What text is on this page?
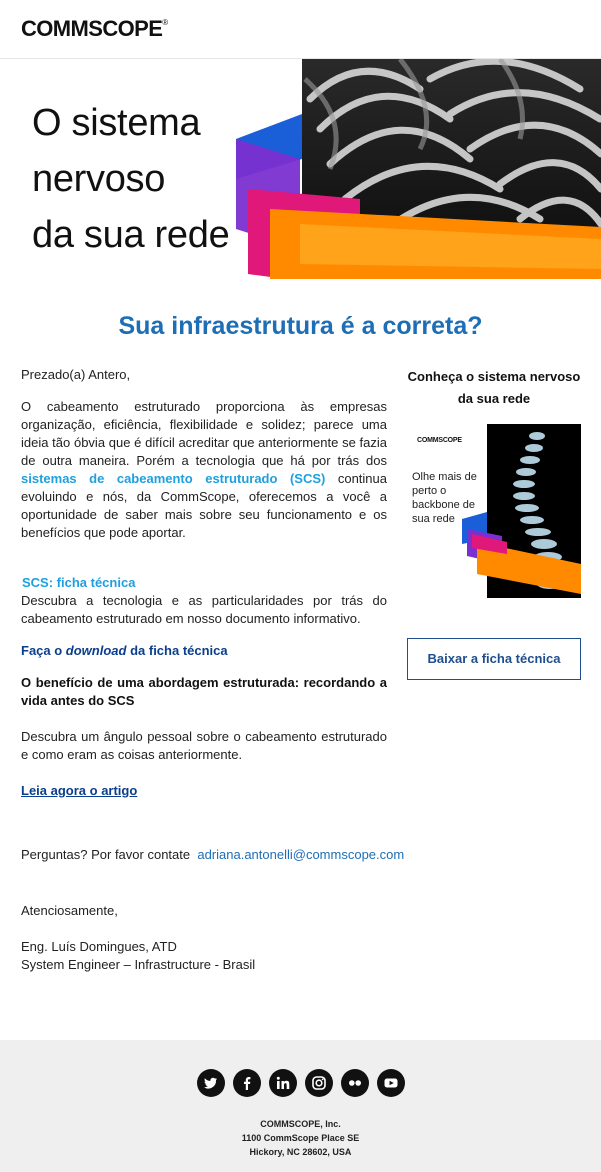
COMMSCOPE®
O sistema
nervoso
da sua rede
Sua infraestrutura é a correta?
Prezado(a) Antero,
O cabeamento estruturado proporciona às empresas organização, eficiência, flexibilidade e solidez; parece uma ideia tão óbvia que é difícil acreditar que anteriormente se fazia de outra maneira. Porém a tecnologia que há por trás dos sistemas de cabeamento estruturado (SCS) continua evoluindo e nós, da CommScope, oferecemos a você a oportunidade de saber mais sobre seu funcionamento e os benefícios que pode aportar.
SCS: ficha técnica
Descubra a tecnologia e as particularidades por trás do cabeamento estruturado em nosso documento informativo.
Faça o download da ficha técnica
O benefício de uma abordagem estruturada: recordando a vida antes do SCS
Descubra um ângulo pessoal sobre o cabeamento estruturado e como eram as coisas anteriormente.
Leia agora o artigo
Perguntas? Por favor contate adriana.antonelli@commscope.com
Atenciosamente,
Eng. Luís Domingues, ATD
System Engineer – Infrastructure - Brasil
Conheça o sistema nervoso da sua rede
COMMSCOPE
Olhe mais de perto o backbone de sua rede
Baixar a ficha técnica

COMMSCOPE, Inc.
1100 CommScope Place SE
Hickory, NC 28602, USA
